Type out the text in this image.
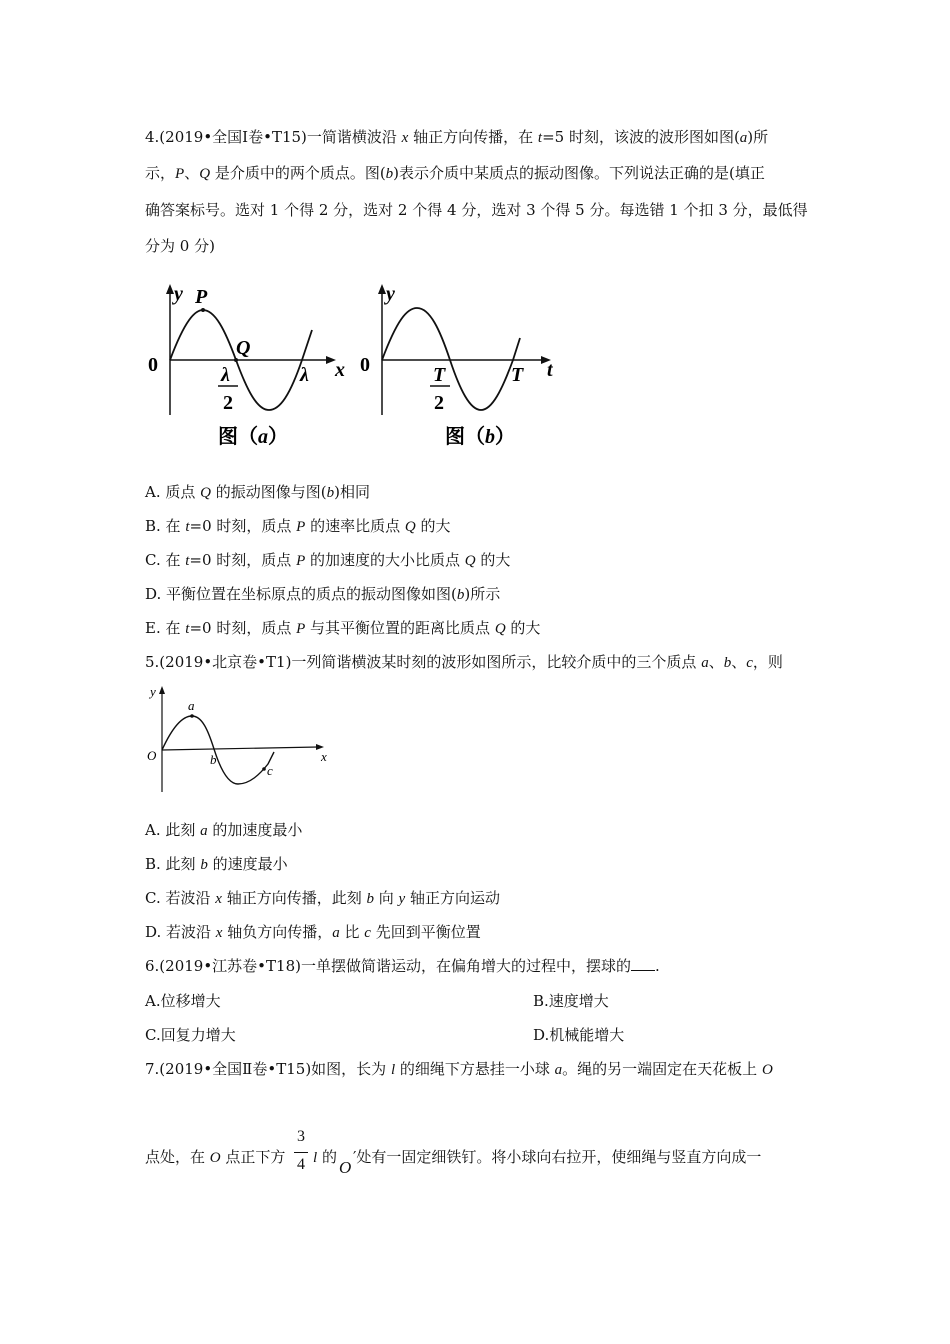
4.(2019•全国Ⅰ卷•T15)一简谐横波沿 x 轴正方向传播，在 t=5 时刻，该波的波形图如图(a)所
示，P、Q 是介质中的两个质点。图(b)表示介质中某质点的振动图像。下列说法正确的是(填正
确答案标号。选对 1 个得 2 分，选对 2 个得 4 分，选对 3 个得 5 分。每选错 1 个扣 3 分，最低得
分为 0 分)
y P
Q
x
0	λ
λ
2
图（a）
y
t
0	T
T
2
图（b）
A. 质点 Q 的振动图像与图(b)相同
B. 在 t=0 时刻，质点 P 的速率比质点 Q 的大
C. 在 t=0 时刻，质点 P 的加速度的大小比质点 Q 的大
D. 平衡位置在坐标原点的质点的振动图像如图(b)所示
E. 在 t=0 时刻，质点 P 与其平衡位置的距离比质点 Q 的大
5.(2019•北京卷•T1)一列简谐横波某时刻的波形如图所示，比较介质中的三个质点 a、b、c，则
y
x
O
a
b
c
A. 此刻 a 的加速度最小
B. 此刻 b 的速度最小
C. 若波沿 x 轴正方向传播，此刻 b 向 y 轴正方向运动
D. 若波沿 x 轴负方向传播，a 比 c 先回到平衡位置
6.(2019•江苏卷•T18)一单摆做简谐运动，在偏角增大的过程中，摆球的 .
A.位移增大	B.速度增大
C.回复力增大	D.机械能增大
7.(2019•全国Ⅱ卷•T15)如图，长为 l 的细绳下方悬挂一小球 a。绳的另一端固定在天花板上 O
点处，在 O 点正下方
3
4 l 的
O
′处有一固定细铁钉。将小球向右拉开，使细绳与竖直方向成一
